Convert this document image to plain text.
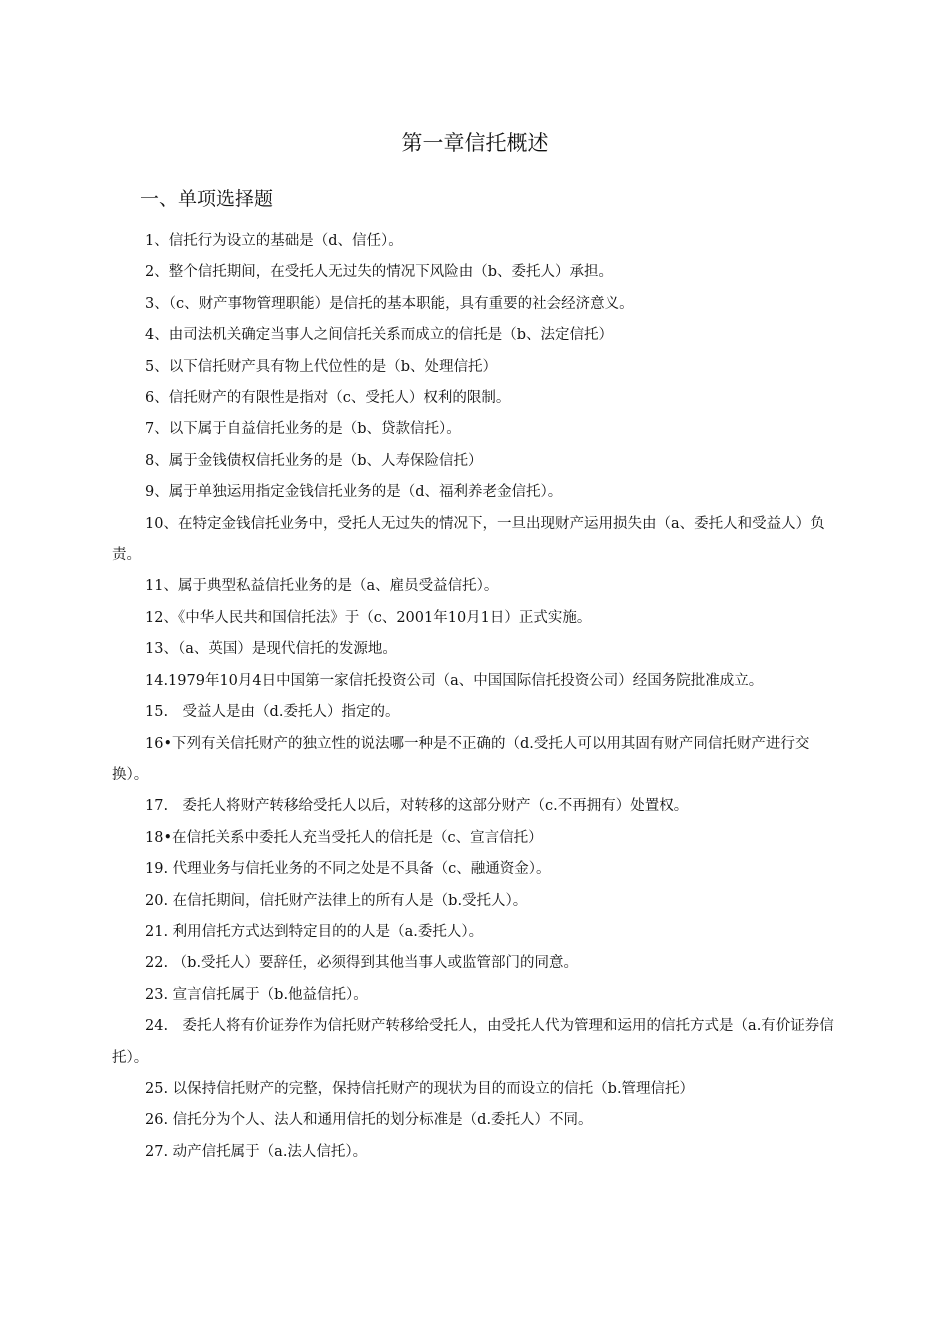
第一章信托概述
一、单项选择题
1、信托行为设立的基础是（d、信任）。
2、整个信托期间，在受托人无过失的情况下风险由（b、委托人）承担。
3、（c、财产事物管理职能）是信托的基本职能，具有重要的社会经济意义。
4、由司法机关确定当事人之间信托关系而成立的信托是（b、法定信托）
5、以下信托财产具有物上代位性的是（b、处理信托）
6、信托财产的有限性是指对（c、受托人）权利的限制。
7、以下属于自益信托业务的是（b、贷款信托）。
8、属于金钱债权信托业务的是（b、人寿保险信托）
9、属于单独运用指定金钱信托业务的是（d、福利养老金信托）。
10、在特定金钱信托业务中，受托人无过失的情况下，一旦出现财产运用损失由（a、委托人和受益人）负责。
11、属于典型私益信托业务的是（a、雇员受益信托）。
12、《中华人民共和国信托法》于（c、2001年10月1日）正式实施。
13、（a、英国）是现代信托的发源地。
14.1979年10月4日中国第一家信托投资公司（a、中国国际信托投资公司）经国务院批准成立。
15.　受益人是由（d.委托人）指定的。
16•下列有关信托财产的独立性的说法哪一种是不正确的（d.受托人可以用其固有财产同信托财产进行交换）。
17.　委托人将财产转移给受托人以后，对转移的这部分财产（c.不再拥有）处置权。
18•在信托关系中委托人充当受托人的信托是（c、宣言信托）
19. 代理业务与信托业务的不同之处是不具备（c、融通资金）。
20. 在信托期间，信托财产法律上的所有人是（b.受托人）。
21. 利用信托方式达到特定目的的人是（a.委托人）。
22. （b.受托人）要辞任，必须得到其他当事人或监管部门的同意。
23. 宣言信托属于（b.他益信托）。
24.　委托人将有价证券作为信托财产转移给受托人，由受托人代为管理和运用的信托方式是（a.有价证券信托）。
25. 以保持信托财产的完整，保持信托财产的现状为目的而设立的信托（b.管理信托）
26. 信托分为个人、法人和通用信托的划分标准是（d.委托人）不同。
27. 动产信托属于（a.法人信托）。
